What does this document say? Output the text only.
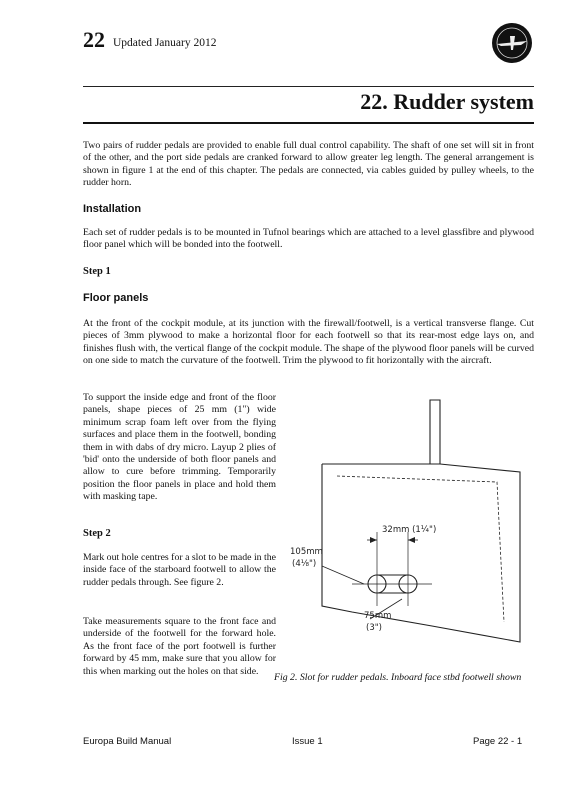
22 Updated January 2012
22. Rudder system

Two pairs of rudder pedals are provided to enable full dual control capability. The shaft of one set will sit in front of the other, and the port side pedals are cranked forward to allow greater leg length. The general arrangement is shown in figure 1 at the end of this chapter. The pedals are connected, via cables guided by pulley wheels, to the rudder horn.

Installation

Each set of rudder pedals is to be mounted in Tufnol bearings which are attached to a level glassfibre and plywood floor panel which will be bonded into the footwell.

Step 1
Floor panels

At the front of the cockpit module, at its junction with the firewall/footwell, is a vertical transverse flange. Cut pieces of 3mm plywood to make a horizontal floor for each footwell so that its rear-most edge lays on, and finishes flush with, the vertical flange of the cockpit module. The shape of the plywood floor panels will be curved on one side to match the curvature of the footwell. Trim the plywood to fit horizontally with the aircraft.

To support the inside edge and front of the floor panels, shape pieces of 25 mm (1") wide minimum scrap foam left over from the flying surfaces and place them in the footwell, bonding them in with dabs of dry micro. Layup 2 plies of 'bid' onto the underside of both floor panels and allow to cure before trimming. Temporarily position the floor panels in place and hold them with masking tape.

Step 2

Mark out hole centres for a slot to be made in the inside face of the starboard footwell to allow the rudder pedals through. See figure 2.

Take measurements square to the front face and underside of the footwell for the forward hole. As the front face of the port footwell is further forward by 45 mm, make sure that you allow for this when marking out the holes on that side.

32mm (1¼")
105mm
(4⅛")
75mm
(3")
Fig 2. Slot for rudder pedals. Inboard face stbd footwell shown
Europa Build Manual	Issue 1	Page 22 - 1
